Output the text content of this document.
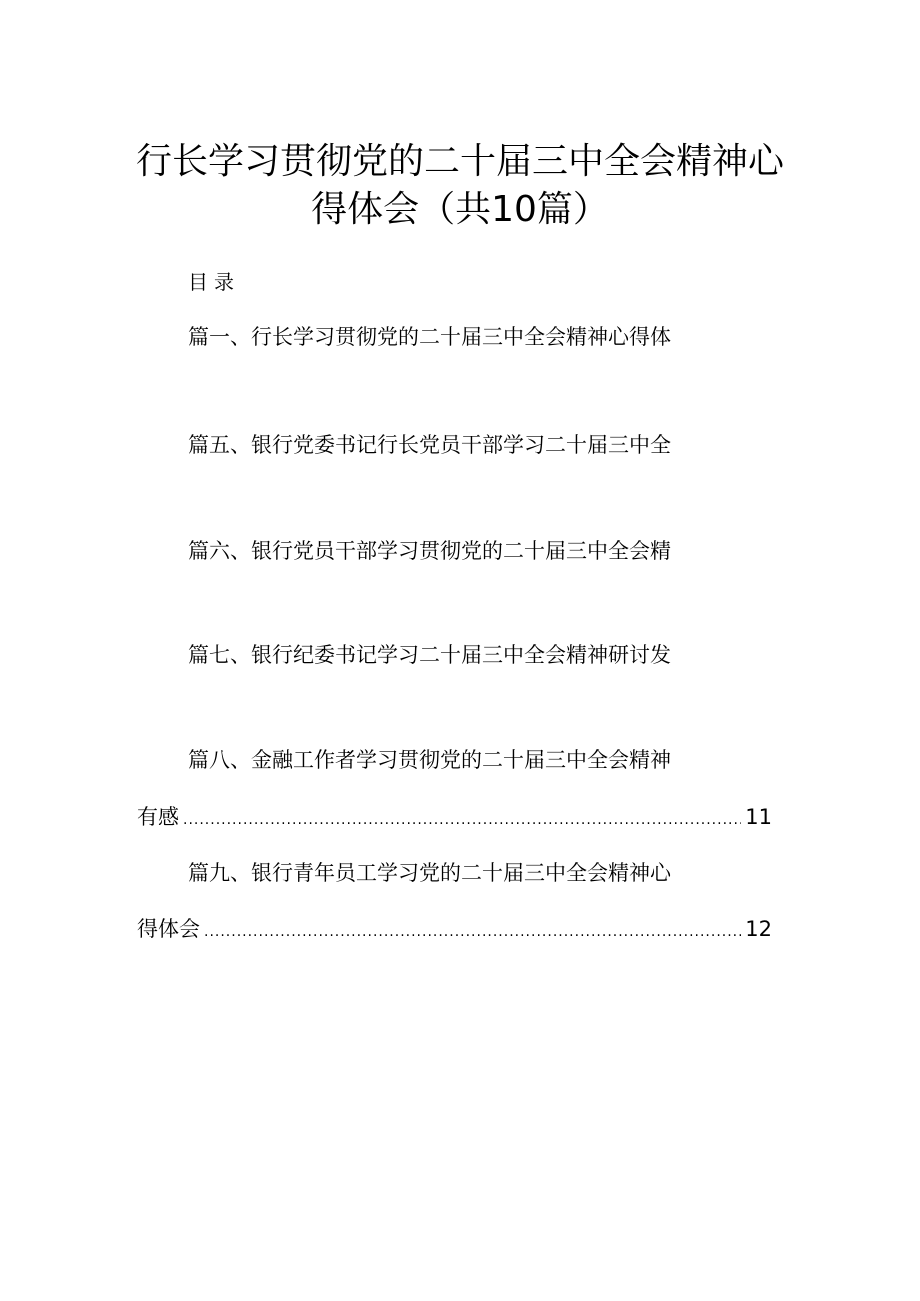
行长学习贯彻党的二十届三中全会精神心
得体会（共10篇）
目录
篇一、行长学习贯彻党的二十届三中全会精神心得体
篇五、银行党委书记行长党员干部学习二十届三中全
篇六、银行党员干部学习贯彻党的二十届三中全会精
篇七、银行纪委书记学习二十届三中全会精神研讨发
篇八、金融工作者学习贯彻党的二十届三中全会精神
有感 .....	11
篇九、银行青年员工学习党的二十届三中全会精神心
得体会 .....	12
